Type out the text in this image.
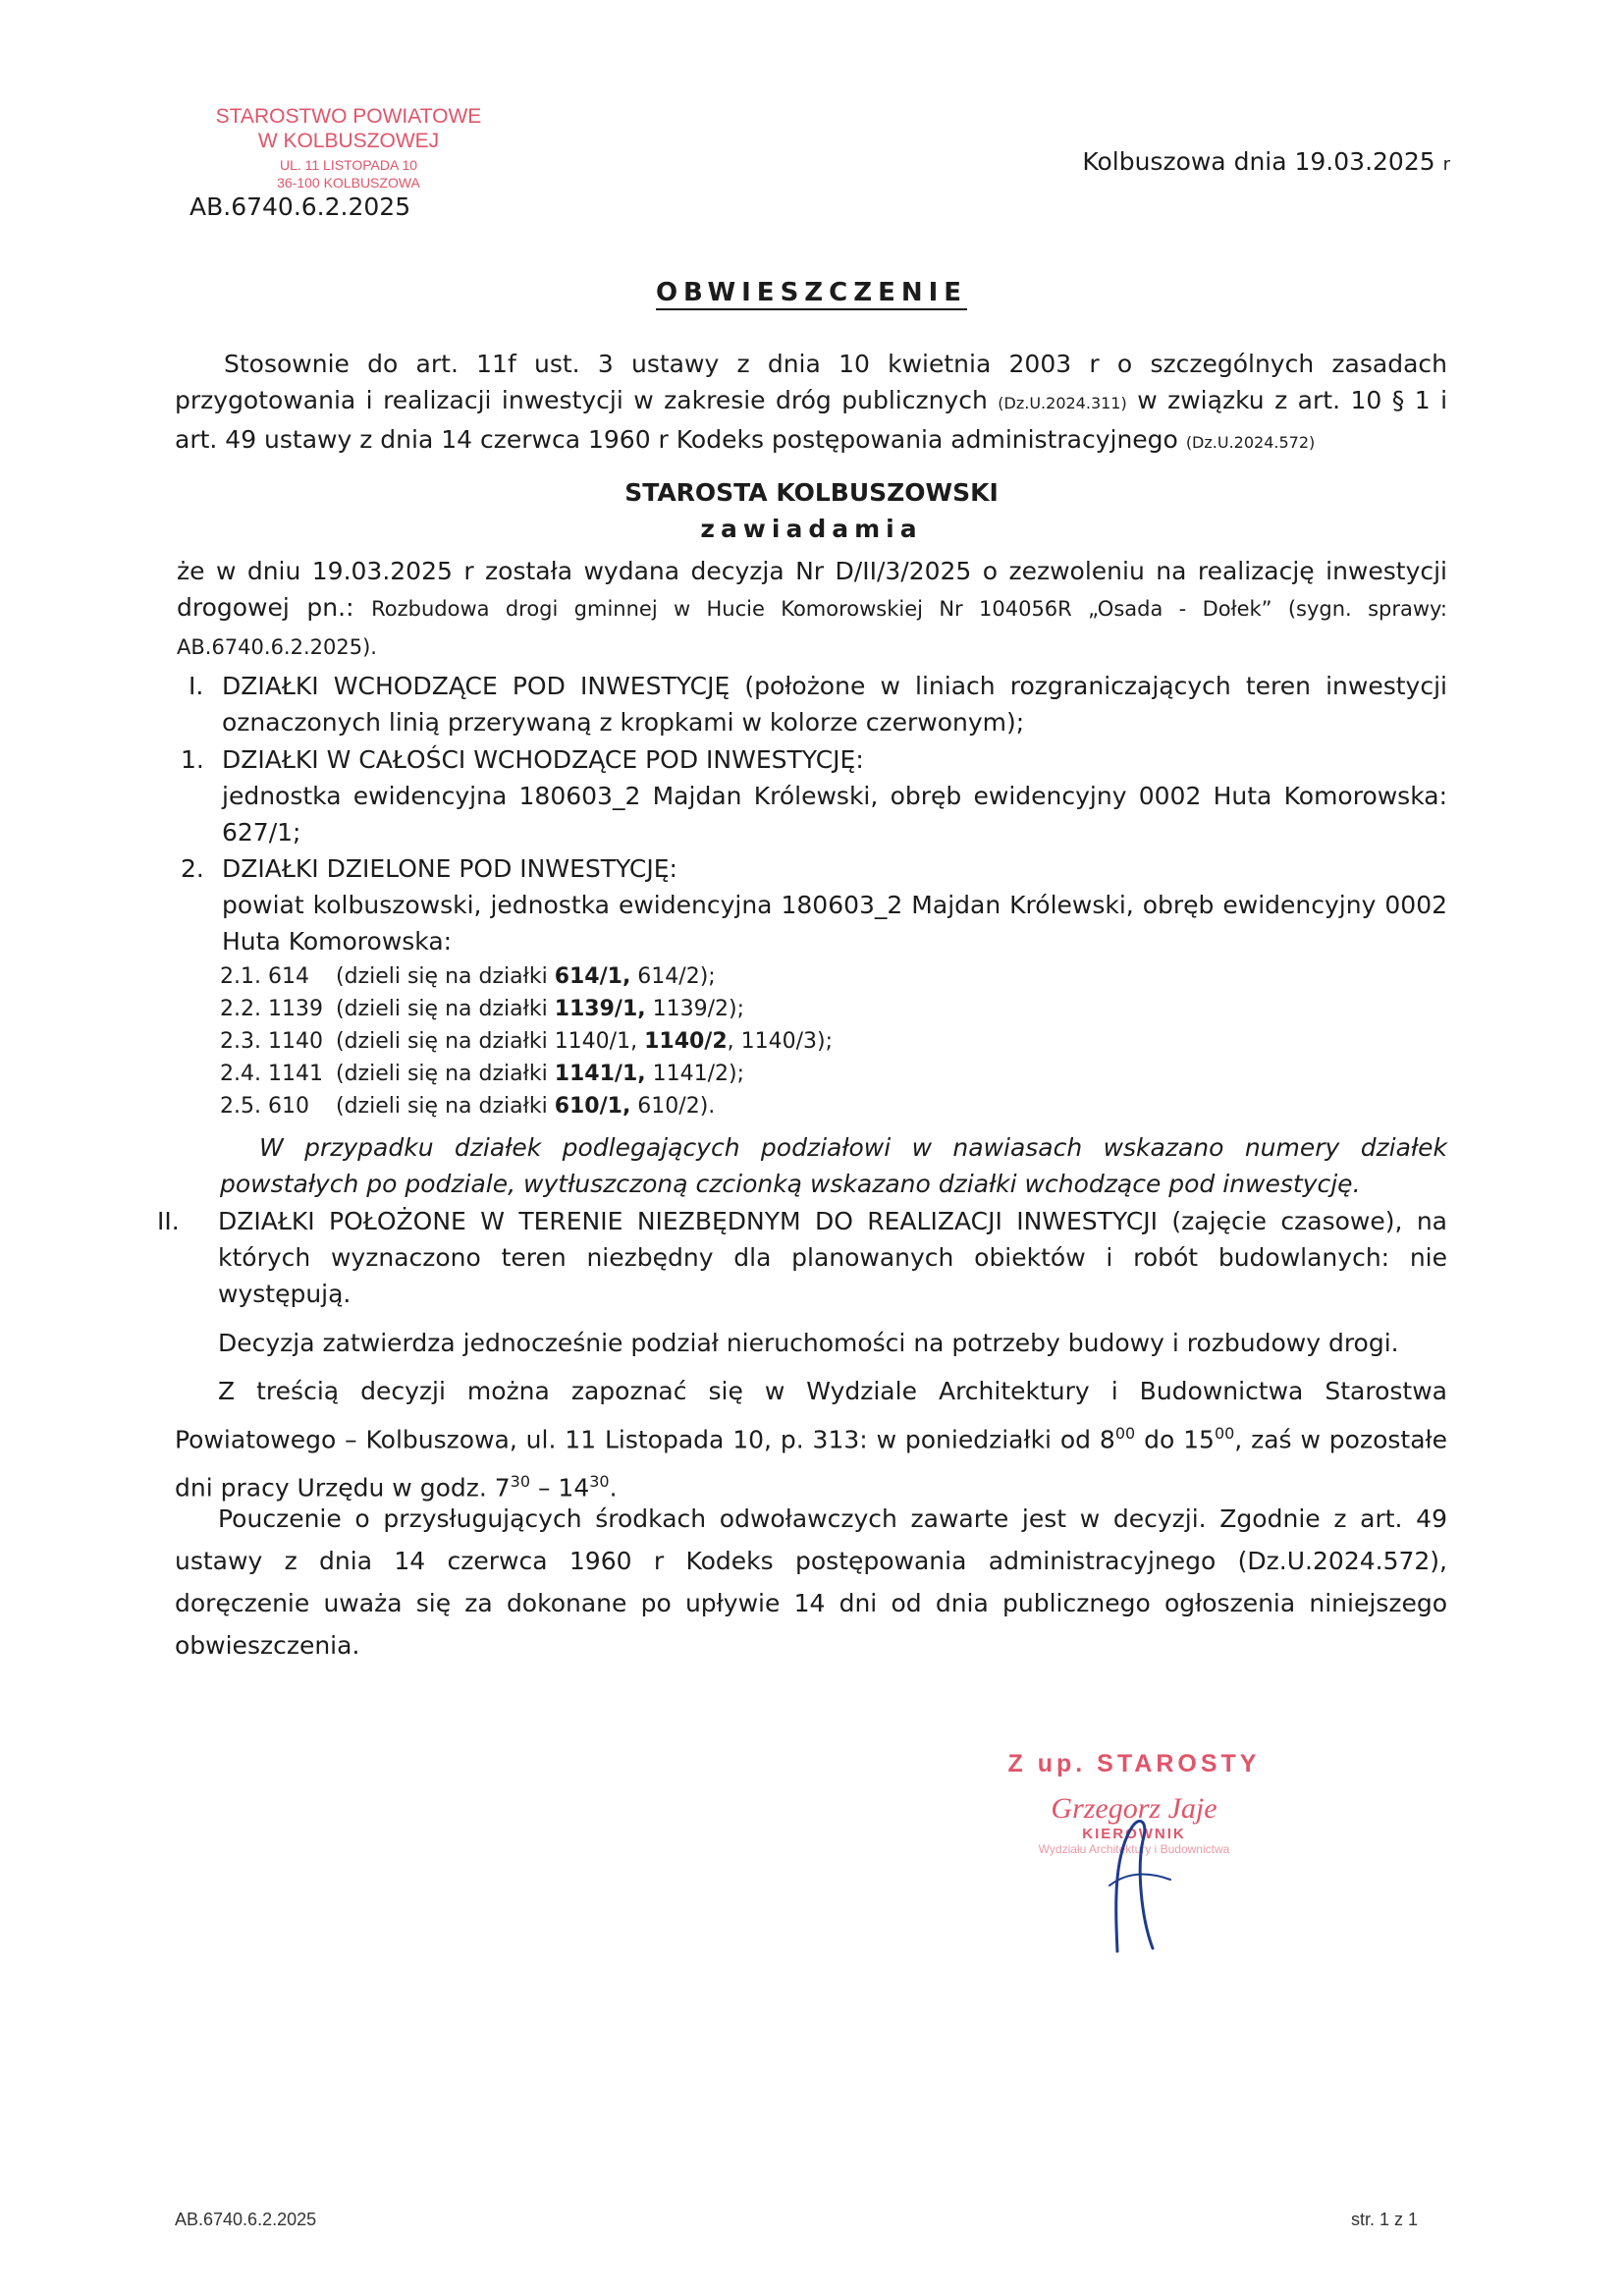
STAROSTWO POWIATOWE
W KOLBUSZOWEJ
UL. 11 LISTOPADA 10
36-100 KOLBUSZOWA
AB.6740.6.2.2025
Kolbuszowa dnia 19.03.2025 r
OBWIESZCZENIE
Stosownie do art. 11f ust. 3 ustawy z dnia 10 kwietnia 2003 r o szczególnych zasadach przygotowania i realizacji inwestycji w zakresie dróg publicznych (Dz.U.2024.311) w związku z art. 10 § 1 i art. 49 ustawy z dnia 14 czerwca 1960 r Kodeks postępowania administracyjnego (Dz.U.2024.572)
STAROSTA KOLBUSZOWSKI
zawiadamia
że w dniu 19.03.2025 r została wydana decyzja Nr D/II/3/2025 o zezwoleniu na realizację inwestycji drogowej pn.: Rozbudowa drogi gminnej w Hucie Komorowskiej Nr 104056R „Osada - Dołek” (sygn. sprawy: AB.6740.6.2.2025).
I. DZIAŁKI WCHODZĄCE POD INWESTYCJĘ (położone w liniach rozgraniczających teren inwestycji oznaczonych linią przerywaną z kropkami w kolorze czerwonym);
1. DZIAŁKI W CAŁOŚCI WCHODZĄCE POD INWESTYCJĘ:
jednostka ewidencyjna 180603_2 Majdan Królewski, obręb ewidencyjny 0002 Huta Komorowska: 627/1;
2. DZIAŁKI DZIELONE POD INWESTYCJĘ:
powiat kolbuszowski, jednostka ewidencyjna 180603_2 Majdan Królewski, obręb ewidencyjny 0002 Huta Komorowska:
2.1. 614 (dzieli się na działki 614/1, 614/2);
2.2. 1139 (dzieli się na działki 1139/1, 1139/2);
2.3. 1140 (dzieli się na działki 1140/1, 1140/2, 1140/3);
2.4. 1141 (dzieli się na działki 1141/1, 1141/2);
2.5. 610 (dzieli się na działki 610/1, 610/2).
W przypadku działek podlegających podziałowi w nawiasach wskazano numery działek powstałych po podziale, wytłuszczoną czcionką wskazano działki wchodzące pod inwestycję.
II. DZIAŁKI POŁOŻONE W TERENIE NIEZBĘDNYM DO REALIZACJI INWESTYCJI (zajęcie czasowe), na których wyznaczono teren niezbędny dla planowanych obiektów i robót budowlanych: nie występują.
Decyzja zatwierdza jednocześnie podział nieruchomości na potrzeby budowy i rozbudowy drogi.
Z treścią decyzji można zapoznać się w Wydziale Architektury i Budownictwa Starostwa Powiatowego – Kolbuszowa, ul. 11 Listopada 10, p. 313: w poniedziałki od $8^{00}$ do $15^{00}$, zaś w pozostałe dni pracy Urzędu w godz. $7^{30} - 14^{30}$.
Pouczenie o przysługujących środkach odwoławczych zawarte jest w decyzji. Zgodnie z art. 49 ustawy z dnia 14 czerwca 1960 r Kodeks postępowania administracyjnego (Dz.U.2024.572), doręczenie uważa się za dokonane po upływie 14 dni od dnia publicznego ogłoszenia niniejszego obwieszczenia.
Z up. STAROSTY
Grzegorz Jaje
KIEROWNIK
Wydziału Architektury i Budownictwa
AB.6740.6.2.2025	str. 1 z 1
